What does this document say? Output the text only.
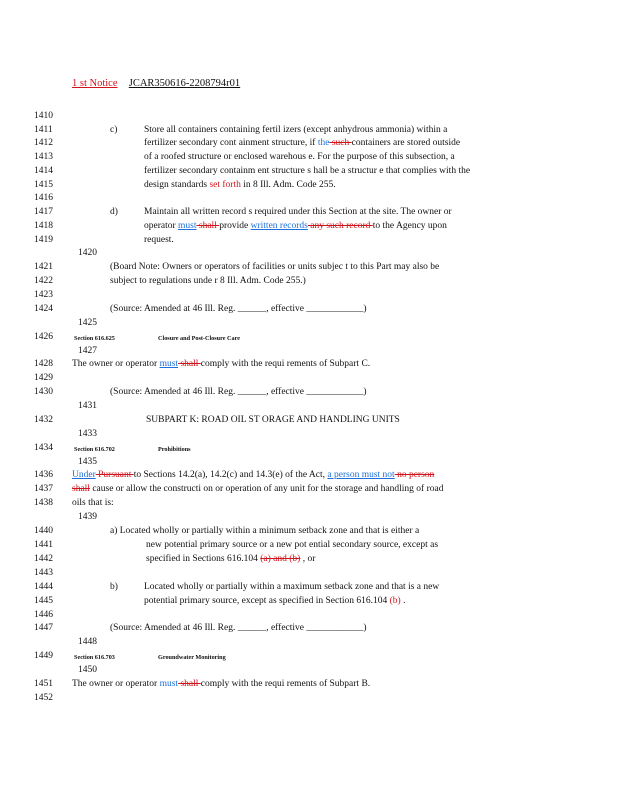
1 st Notice JCAR350616-2208794r01
1410
1411
1412
1413
1414
1415
1416
1417
1418
1419
1421
1422
1423
1424
1426
1428
1429
1430
1432
1434
1436
1437
1438
1440
1441
1442
1443
1444
1445
1446
1447
1449
1451
1452
1420
1425
1427
1431
1433
1435
1439
1448
1450
c)	Store all containers containing fertil izers (except anhydrous ammonia) within a
fertilizer secondary cont ainment structure, if the such containers are stored outside
of a roofed structure or enclosed warehous e. For the purpose of this subsection, a
fertilizer secondary containm ent structure s hall be a structur e that complies with the
design standards set forth in 8 Ill. Adm. Code 255.
d)	Maintain all written record s required under this Section at the site. The owner or
operator must shall provide written records any such record to the Agency upon
request.
(Board Note: Owners or operators of facilities or units subjec t to this Part may also be
subject to regulations unde r 8 Ill. Adm. Code 255.)
(Source: Amended at 46 Ill. Reg. ______, effective ____________)
Section 616.625	Closure and Post-Closure Care
The owner or operator must shall comply with the requi rements of Subpart C.
(Source: Amended at 46 Ill. Reg. ______, effective ____________)
SUBPART K: ROAD OIL ST ORAGE AND HANDLING UNITS
Section 616.702	Prohibitions
Under Pursuant to Sections 14.2(a), 14.2(c) and 14.3(e) of the Act, a person must not no person
shall cause or allow the constructi on or operation of any unit for the storage and handling of road
oils that is:
a) Located wholly or partially within a minimum setback zone and that is either a
new potential primary source or a new pot ential secondary source, except as
specified in Sections 616.104 (a) and (b) , or
b)	Located wholly or partially within a maximum setback zone and that is a new
potential primary source, except as specified in Section 616.104 (b) .
(Source: Amended at 46 Ill. Reg. ______, effective ____________)
Section 616.703	Groundwater Monitoring
The owner or operator must shall comply with the requi rements of Subpart B.
